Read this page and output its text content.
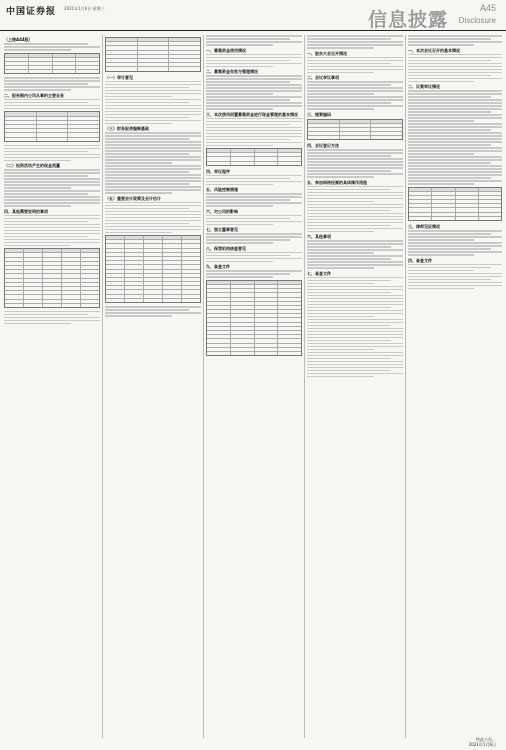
中国证券报 2021年1月6日 星期三
信息披露
A45
Disclosure
（上接A44版）
二、报告期内公司从事的主要业务
（二）投资活动产生的现金流量
四、其他需要说明的事项
（一）审计意见
（三）财务报表编制基础
（五）重要会计政策及会计估计
一、募集资金使用情况
二、募集资金存放与管理情况
三、本次使用闲置募集资金进行现金管理的基本情况
四、审议程序
五、风险控制措施
六、对公司的影响
七、独立董事意见
八、保荐机构核查意见
九、备查文件
一、股东大会召开情况
二、会议审议事项
三、提案编码
四、会议登记方法
五、参加网络投票的具体操作流程
六、其他事项
七、备查文件
一、本次会议召开的基本情况
二、议案审议情况
三、律师见证情况
四、备查文件
特此公告。
2021年1月6日
